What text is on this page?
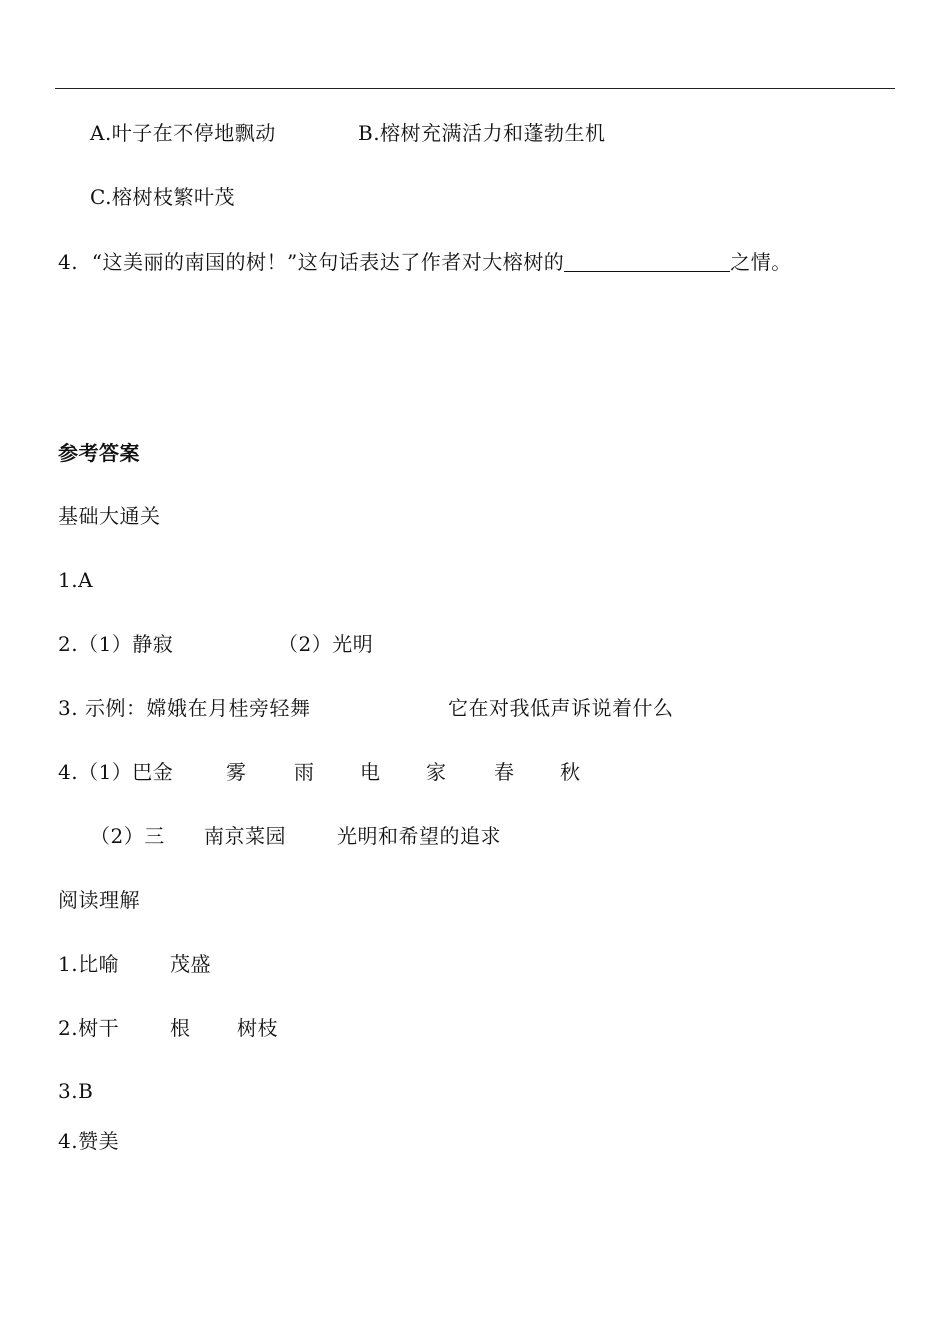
A.叶子在不停地飘动	B.榕树充满活力和蓬勃生机
C.榕树枝繁叶茂
4.  “这美丽的南国的树！”这句话表达了作者对大榕树的	之情。
参考答案
基础大通关
1.A
2.（1）静寂	（2）光明
3. 示例：嫦娥在月桂旁轻舞	它在对我低声诉说着什么
4.（1）巴金	雾 雨 电 家 春 秋
（2）三 南京菜园	光明和希望的追求
阅读理解
1.比喻	茂盛
2.树干	根 树枝
3.B
4.赞美
